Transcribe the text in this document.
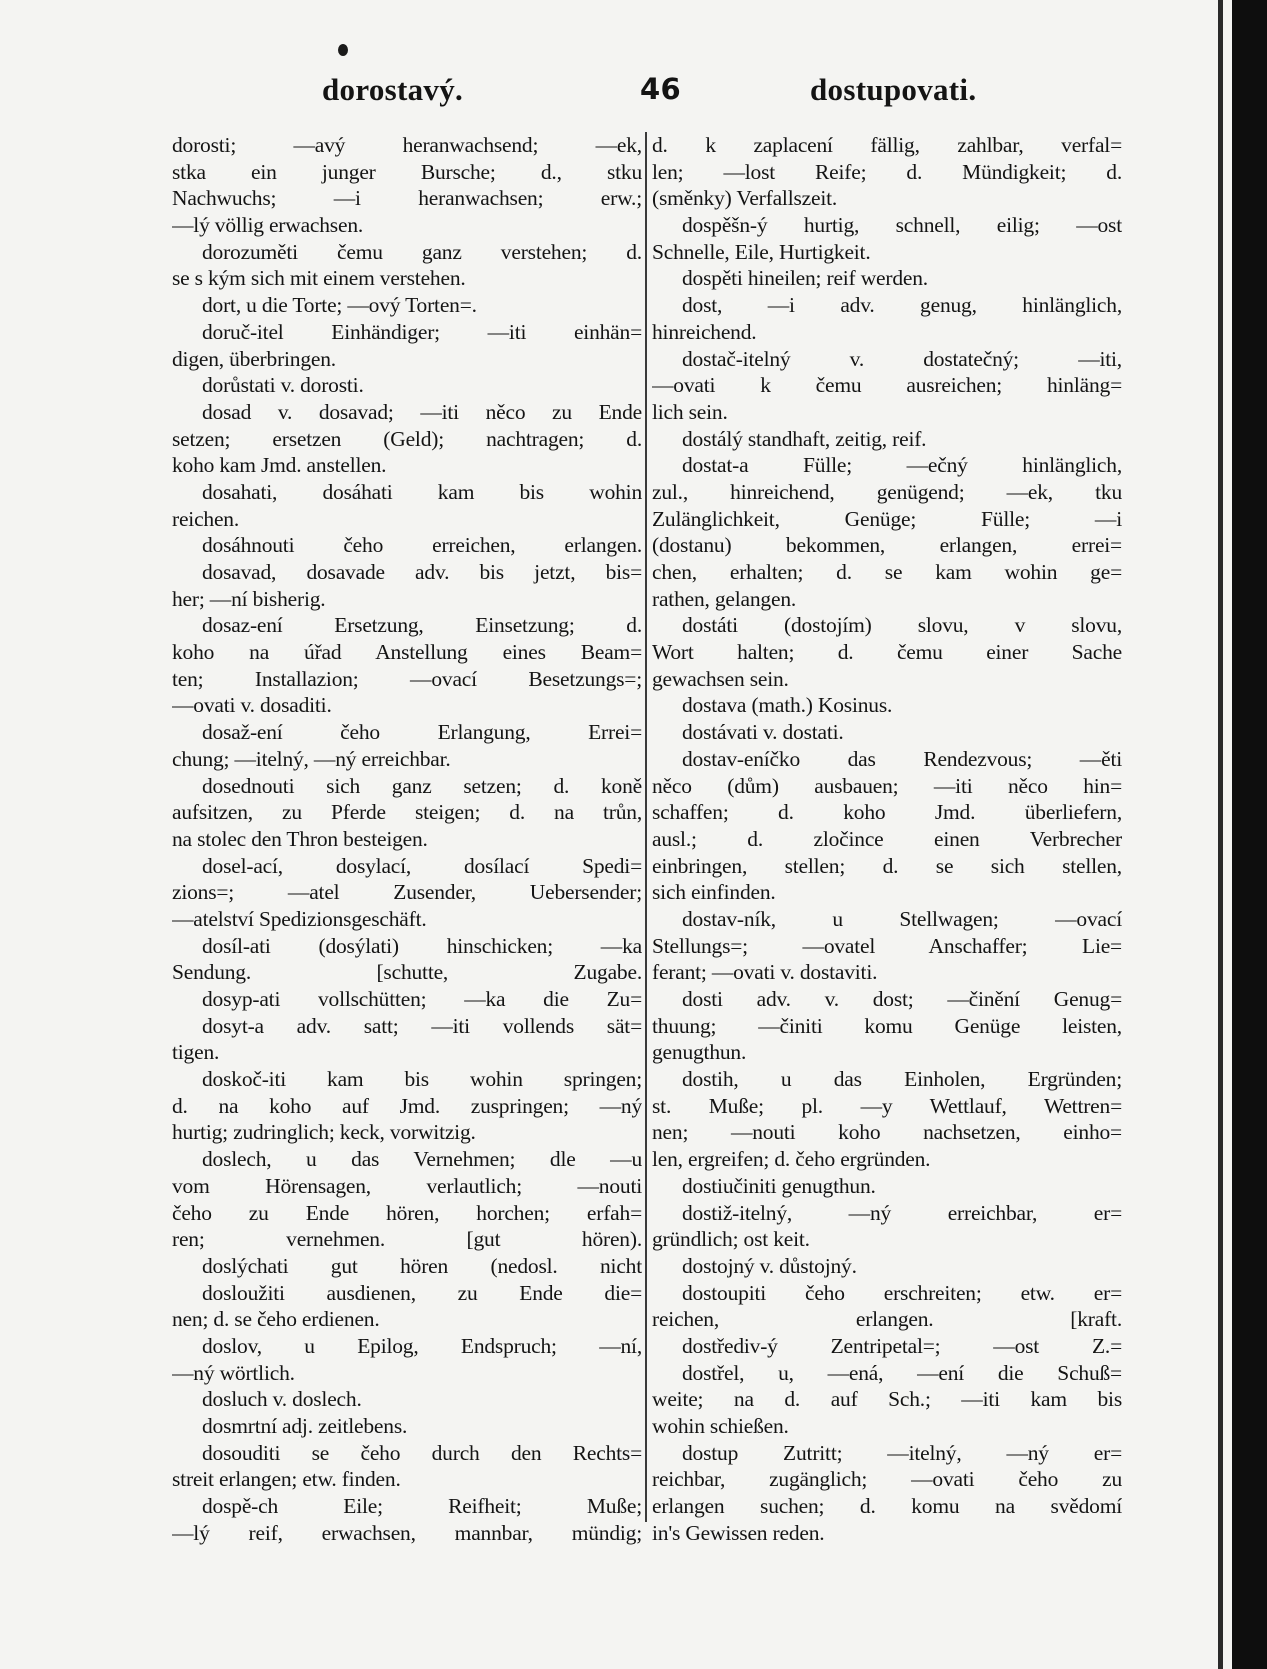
dorostavý.	46	dostupovati.
dorosti; —avý heranwachsend; —ek,
stka ein junger Bursche; d., stku
Nachwuchs; —i heranwachsen; erw.;
—lý völlig erwachsen.
dorozuměti čemu ganz verstehen; d.
se s kým sich mit einem verstehen.
dort, u die Torte; —ový Torten=.
doruč-itel Einhändiger; —iti einhän=
digen, überbringen.
dorůstati v. dorosti.
dosad v. dosavad; —iti něco zu Ende
setzen; ersetzen (Geld); nachtragen; d.
koho kam Jmd. anstellen.
dosahati, dosáhati kam bis wohin
reichen.
dosáhnouti čeho erreichen, erlangen.
dosavad, dosavade adv. bis jetzt, bis=
her; —ní bisherig.
dosaz-ení Ersetzung, Einsetzung; d.
koho na úřad Anstellung eines Beam=
ten; Installazion; —ovací Besetzungs=;
—ovati v. dosaditi.
dosaž-ení čeho Erlangung, Errei=
chung; —itelný, —ný erreichbar.
dosednouti sich ganz setzen; d. koně
aufsitzen, zu Pferde steigen; d. na trůn,
na stolec den Thron besteigen.
dosel-ací, dosylací, dosílací Spedi=
zions=; —atel Zusender, Uebersender;
—atelství Spedizionsgeschäft.
dosíl-ati (dosýlati) hinschicken; —ka
Sendung. [schutte, Zugabe.
dosyp-ati vollschütten; —ka die Zu=
dosyt-a adv. satt; —iti vollends sät=
tigen.
doskoč-iti kam bis wohin springen;
d. na koho auf Jmd. zuspringen; —ný
hurtig; zudringlich; keck, vorwitzig.
doslech, u das Vernehmen; dle —u
vom Hörensagen, verlautlich; —nouti
čeho zu Ende hören, horchen; erfah=
ren; vernehmen. [gut hören).
doslýchati gut hören (nedosl. nicht
dosloužiti ausdienen, zu Ende die=
nen; d. se čeho erdienen.
doslov, u Epilog, Endspruch; —ní,
—ný wörtlich.
dosluch v. doslech.
dosmrtní adj. zeitlebens.
dosouditi se čeho durch den Rechts=
streit erlangen; etw. finden.
dospě-ch Eile; Reifheit; Muße;
—lý reif, erwachsen, mannbar, mündig;
d. k zaplacení fällig, zahlbar, verfal=
len; —lost Reife; d. Mündigkeit; d.
(směnky) Verfallszeit.
dospěšn-ý hurtig, schnell, eilig; —ost
Schnelle, Eile, Hurtigkeit.
dospěti hineilen; reif werden.
dost, —i adv. genug, hinlänglich,
hinreichend.
dostač-itelný v. dostatečný; —iti,
—ovati k čemu ausreichen; hinläng=
lich sein.
dostálý standhaft, zeitig, reif.
dostat-a Fülle; —ečný hinlänglich,
zul., hinreichend, genügend; —ek, tku
Zulänglichkeit, Genüge; Fülle; —i
(dostanu) bekommen, erlangen, errei=
chen, erhalten; d. se kam wohin ge=
rathen, gelangen.
dostáti (dostojím) slovu, v slovu,
Wort halten; d. čemu einer Sache
gewachsen sein.
dostava (math.) Kosinus.
dostávati v. dostati.
dostav-eníčko das Rendezvous; —ěti
něco (dům) ausbauen; —iti něco hin=
schaffen; d. koho Jmd. überliefern,
ausl.; d. zločince einen Verbrecher
einbringen, stellen; d. se sich stellen,
sich einfinden.
dostav-ník, u Stellwagen; —ovací
Stellungs=; —ovatel Anschaffer; Lie=
ferant; —ovati v. dostaviti.
dosti adv. v. dost; —činění Genug=
thuung; —činiti komu Genüge leisten,
genugthun.
dostih, u das Einholen, Ergründen;
st. Muße; pl. —y Wettlauf, Wettren=
nen; —nouti koho nachsetzen, einho=
len, ergreifen; d. čeho ergründen.
dostiučiniti genugthun.
dostiž-itelný, —ný erreichbar, er=
gründlich; ost keit.
dostojný v. důstojný.
dostoupiti čeho erschreiten; etw. er=
reichen, erlangen. [kraft.
dostřediv-ý Zentripetal=; —ost Z.=
dostřel, u, —ená, —ení die Schuß=
weite; na d. auf Sch.; —iti kam bis
wohin schießen.
dostup Zutritt; —itelný, —ný er=
reichbar, zugänglich; —ovati čeho zu
erlangen suchen; d. komu na svědomí
in's Gewissen reden.
